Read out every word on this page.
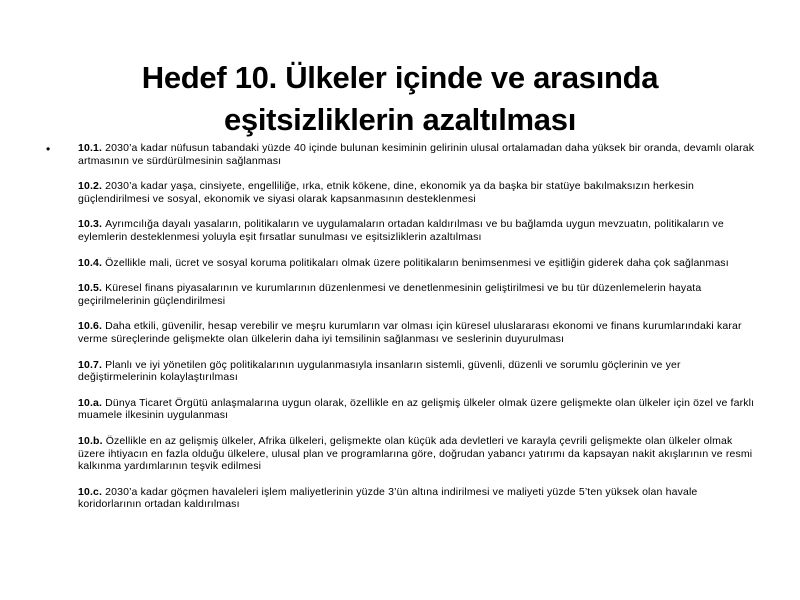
Hedef 10. Ülkeler içinde ve arasında
eşitsizliklerin azaltılması
•	10.1. 2030’a kadar nüfusun tabandaki yüzde 40 içinde bulunan kesiminin gelirinin ulusal ortalamadan daha yüksek bir oranda, devamlı olarak artmasının ve sürdürülmesinin sağlanması

10.2. 2030’a kadar yaşa, cinsiyete, engelliliğe, ırka, etnik kökene, dine, ekonomik ya da başka bir statüye bakılmaksızın herkesin güçlendirilmesi ve sosyal, ekonomik ve siyasi olarak kapsanmasının desteklenmesi

10.3. Ayrımcılığa dayalı yasaların, politikaların ve uygulamaların ortadan kaldırılması ve bu bağlamda uygun mevzuatın, politikaların ve eylemlerin desteklenmesi yoluyla eşit fırsatlar sunulması ve eşitsizliklerin azaltılması

10.4. Özellikle mali, ücret ve sosyal koruma politikaları olmak üzere politikaların benimsenmesi ve eşitliğin giderek daha çok sağlanması

10.5. Küresel finans piyasalarının ve kurumlarının düzenlenmesi ve denetlenmesinin geliştirilmesi ve bu tür düzenlemelerin hayata geçirilmelerinin güçlendirilmesi

10.6. Daha etkili, güvenilir, hesap verebilir ve meşru kurumların var olması için küresel uluslararası ekonomi ve finans kurumlarındaki karar verme süreçlerinde gelişmekte olan ülkelerin daha iyi temsilinin sağlanması ve seslerinin duyurulması

10.7. Planlı ve iyi yönetilen göç politikalarının uygulanmasıyla insanların sistemli, güvenli, düzenli ve sorumlu göçlerinin ve yer değiştirmelerinin kolaylaştırılması

10.a. Dünya Ticaret Örgütü anlaşmalarına uygun olarak, özellikle en az gelişmiş ülkeler olmak üzere gelişmekte olan ülkeler için özel ve farklı muamele ilkesinin uygulanması

10.b. Özellikle en az gelişmiş ülkeler, Afrika ülkeleri, gelişmekte olan küçük ada devletleri ve karayla çevrili gelişmekte olan ülkeler olmak üzere ihtiyacın en fazla olduğu ülkelere, ulusal plan ve programlarına göre, doğrudan yabancı yatırımı da kapsayan nakit akışlarının ve resmi kalkınma yardımlarının teşvik edilmesi

10.c. 2030’a kadar göçmen havaleleri işlem maliyetlerinin yüzde 3’ün altına indirilmesi ve maliyeti yüzde 5’ten yüksek olan havale koridorlarının ortadan kaldırılması
